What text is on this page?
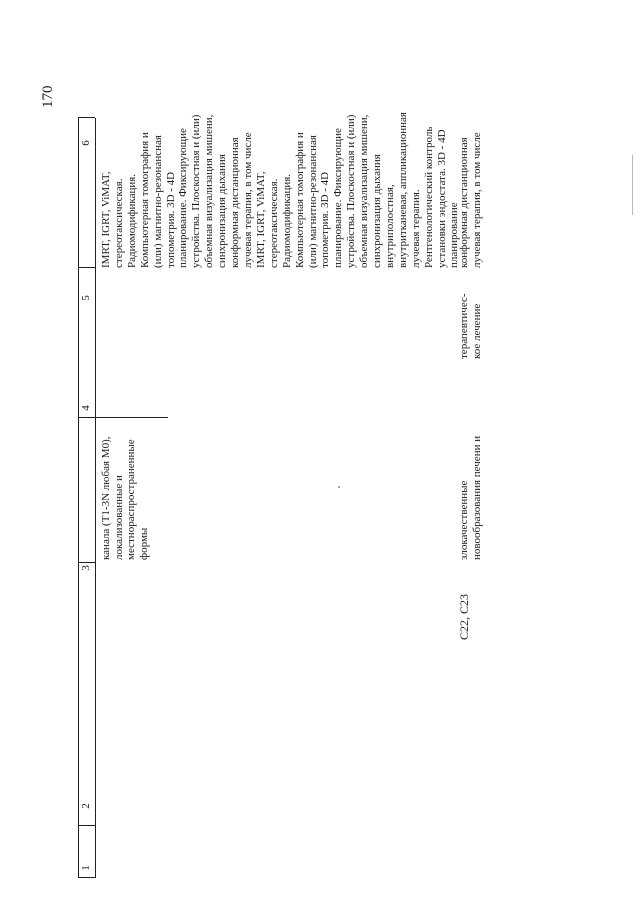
170
1
2
3
4
5
6
канала (T1-3N любая M0), локализованные и местнораспространенные формы
IMRT, IGRT, ViMAT, стереотаксическая. Радиомодификация. Компьютерная томография и (или) магнитно-резонансная топометрия. 3D - 4D планирование. Фиксирующие устройства. Плоскостная и (или) объемная визуализация мишени, синхронизация дыхания конформная дистанционная лучевая терапия, в том числе IMRT, IGRT, ViMAT, стереотаксическая. Радиомодификация. Компьютерная томография и (или) магнитно-резонансная топометрия. 3D - 4D планирование. Фиксирующие устройства. Плоскостная и (или) объемная визуализация мишени, синхронизация дыхания внутриполостная, внутритканевая, аппликационная лучевая терапия. Рентгенологический контроль установки эндостата. 3D - 4D планирование
C22, C23
злокачественные новообразования печени и
терапевтичес- кое лечение
конформная дистанционная лучевая терапия, в том числе
